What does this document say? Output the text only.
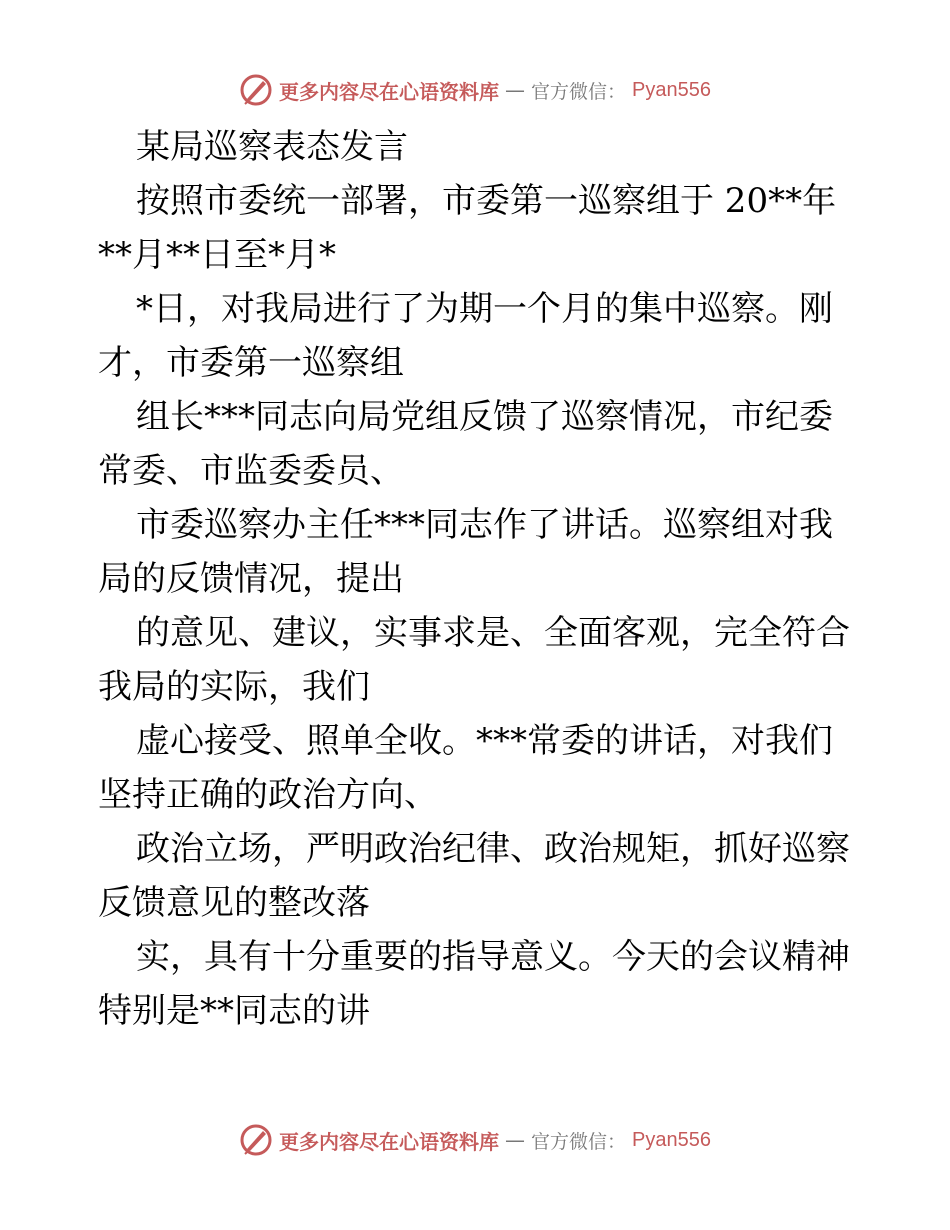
更多内容尽在心语资料库 — 官方微信： Pyan556
某局巡察表态发言
按照市委统一部署，市委第一巡察组于 20**年
**月**日至*月*
*日，对我局进行了为期一个月的集中巡察。刚
才，市委第一巡察组
组长***同志向局党组反馈了巡察情况，市纪委
常委、市监委委员、
市委巡察办主任***同志作了讲话。巡察组对我
局的反馈情况，提出
的意见、建议，实事求是、全面客观，完全符合
我局的实际，我们
虚心接受、照单全收。***常委的讲话，对我们
坚持正确的政治方向、
政治立场，严明政治纪律、政治规矩，抓好巡察
反馈意见的整改落
实，具有十分重要的指导意义。今天的会议精神
特别是**同志的讲
更多内容尽在心语资料库 — 官方微信： Pyan556
